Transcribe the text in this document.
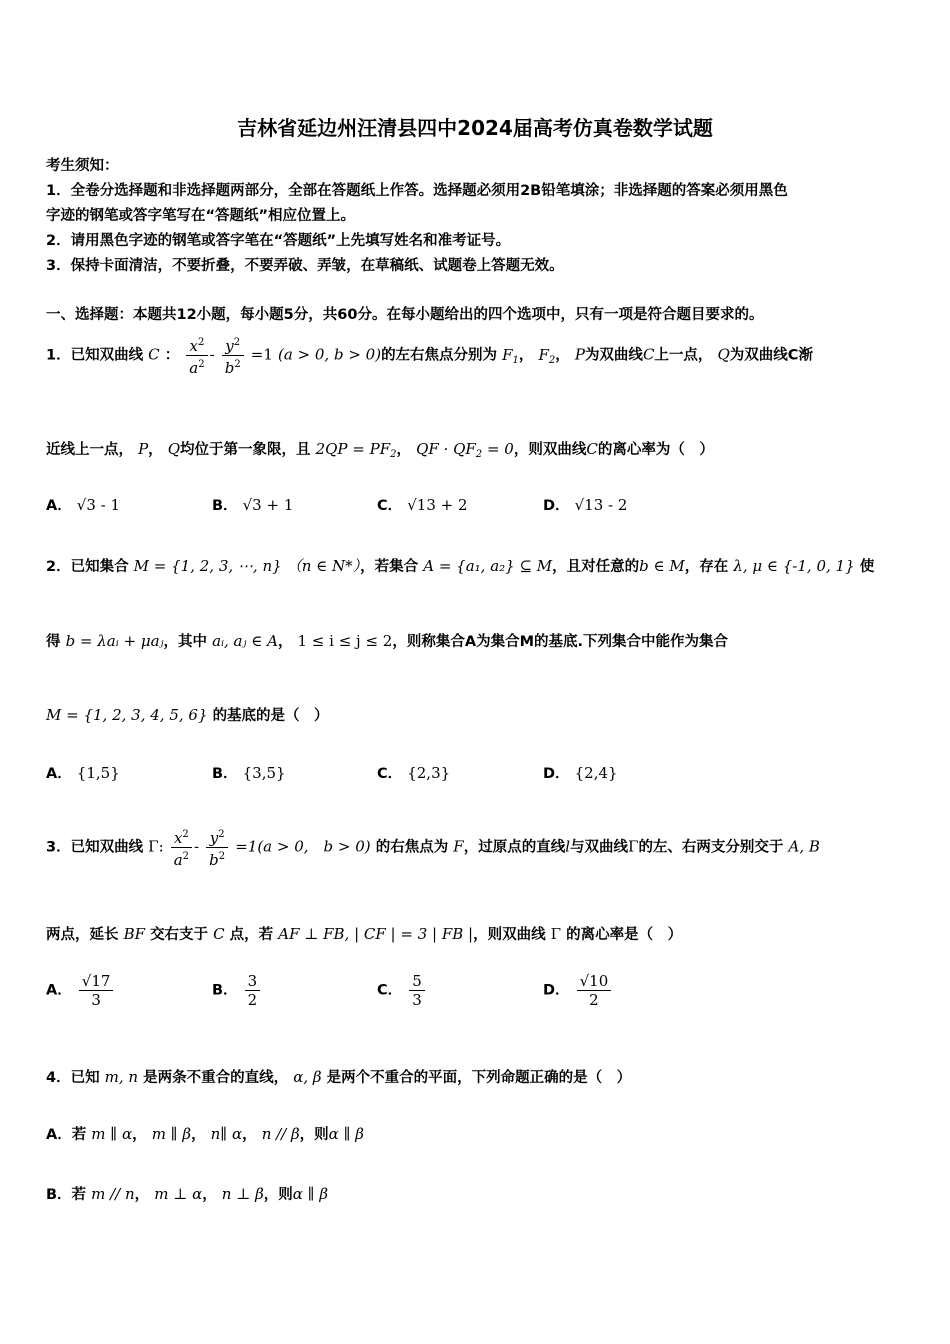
吉林省延边州汪清县四中2024届高考仿真卷数学试题
考生须知：
1．全卷分选择题和非选择题两部分，全部在答题纸上作答。选择题必须用2B铅笔填涂；非选择题的答案必须用黑色
字迹的钢笔或答字笔写在“答题纸”相应位置上。
2．请用黑色字迹的钢笔或答字笔在“答题纸”上先填写姓名和准考证号。
3．保持卡面清洁，不要折叠，不要弄破、弄皱，在草稿纸、试题卷上答题无效。
一、选择题：本题共12小题，每小题5分，共60分。在每小题给出的四个选项中，只有一项是符合题目要求的。
1．已知双曲线 C ： $\frac{x^2}{a^2} - \frac{y^2}{b^2} =1$ (a > 0, b > 0)的左右焦点分别为 $F_1$， $F_2$， P为双曲线C上一点， Q为双曲线C渐
近线上一点， P， Q均位于第一象限，且 $2QP = PF_2$， QF · $QF_2 = 0$，则双曲线C的离心率为（　）
A． √3 - 1	B． √3 + 1	C． √13 + 2	D． √13 - 2
2．已知集合 M = {1, 2, 3, ⋯, n} （n ∈ N*），若集合 A = {a₁, a₂} ⊆ M，且对任意的b ∈ M，存在 λ, μ ∈ {-1, 0, 1} 使
得 b = λaᵢ + μaⱼ，其中 aᵢ, aⱼ ∈ A， 1 ≤ i ≤ j ≤ 2，则称集合A为集合M的基底.下列集合中能作为集合
M = {1, 2, 3, 4, 5, 6} 的基底的是（　）
A． {1,5}	B． {3,5}	C． {2,3}	D． {2,4}
3．已知双曲线 Γ: $\frac{x^2}{a^2} - \frac{y^2}{b^2} =1(a > 0$,　b > 0) 的右焦点为 F，过原点的直线l与双曲线Γ的左、右两支分别交于 A, B
两点，延长 BF 交右支于 C 点，若 AF ⊥ FB, | CF | = 3 | FB |，则双曲线 Γ 的离心率是（　）
A． $\frac{√17}{3}$	B． $\frac{3}{2}$	C． $\frac{5}{3}$	D． $\frac{√10}{2}$
4．已知 m, n 是两条不重合的直线， α, β 是两个不重合的平面，下列命题正确的是（　）
A．若 m ∥ α， m ∥ β， n∥ α， n // β，则α ∥ β
B．若 m // n， m ⊥ α， n ⊥ β，则α ∥ β
